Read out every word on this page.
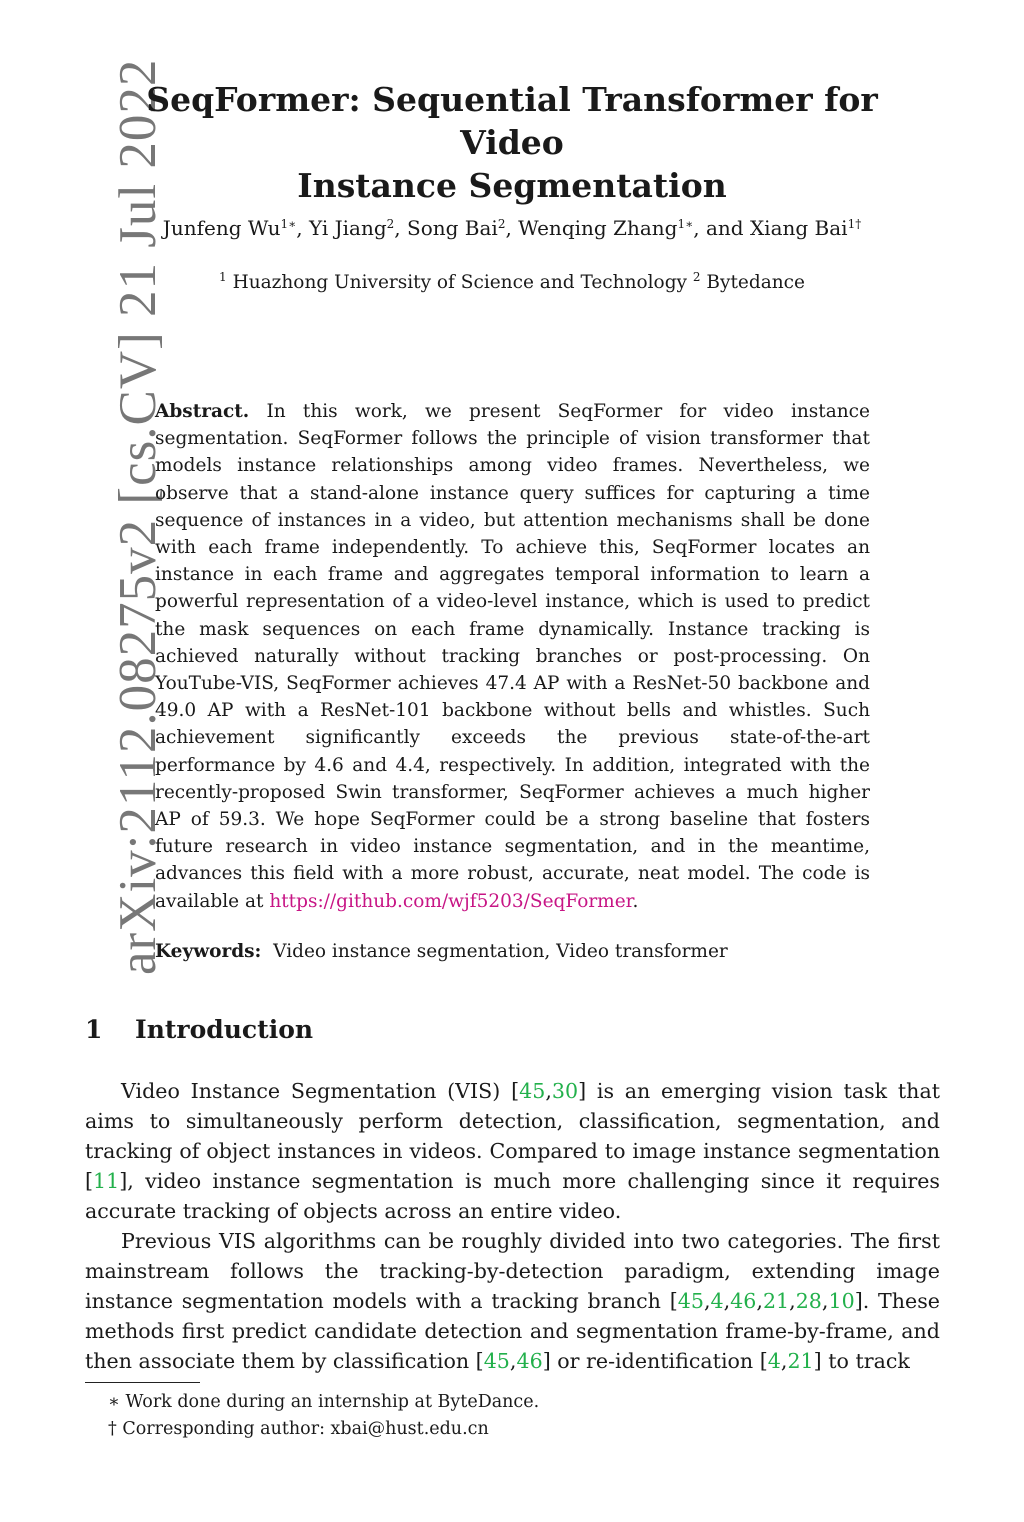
arXiv:2112.08275v2 [cs.CV] 21 Jul 2022
SeqFormer: Sequential Transformer for Video
Instance Segmentation

Junfeng $Wu^{1∗}$, Yi Jiang$^2$, Song Bai$^2$, Wenqing Zhang$^{1∗}$, and Xiang Bai$^{1\dagger}$

$^1$ Huazhong University of Science and Technology $^2$ Bytedance

Abstract. In this work, we present SeqFormer for video instance segmentation. SeqFormer follows the principle of vision transformer that models instance relationships among video frames. Nevertheless, we observe that a stand-alone instance query suffices for capturing a time sequence of instances in a video, but attention mechanisms shall be done with each frame independently. To achieve this, SeqFormer locates an instance in each frame and aggregates temporal information to learn a powerful representation of a video-level instance, which is used to predict the mask sequences on each frame dynamically. Instance tracking is achieved naturally without tracking branches or post-processing. On YouTube-VIS, SeqFormer achieves 47.4 AP with a ResNet-50 backbone and 49.0 AP with a ResNet-101 backbone without bells and whistles. Such achievement significantly exceeds the previous state-of-the-art performance by 4.6 and 4.4, respectively. In addition, integrated with the recently-proposed Swin transformer, SeqFormer achieves a much higher AP of 59.3. We hope SeqFormer could be a strong baseline that fosters future research in video instance segmentation, and in the meantime, advances this field with a more robust, accurate, neat model. The code is available at https://github.com/wjf5203/SeqFormer.

Keywords: Video instance segmentation, Video transformer

1 Introduction

Video Instance Segmentation (VIS) [45,30] is an emerging vision task that aims to simultaneously perform detection, classification, segmentation, and tracking of object instances in videos. Compared to image instance segmentation [11], video instance segmentation is much more challenging since it requires accurate tracking of objects across an entire video.

Previous VIS algorithms can be roughly divided into two categories. The first mainstream follows the tracking-by-detection paradigm, extending image instance segmentation models with a tracking branch [45,4,46,21,28,10]. These methods first predict candidate detection and segmentation frame-by-frame, and then associate them by classification [45,46] or re-identification [4,21] to track

∗ Work done during an internship at ByteDance.
† Corresponding author: xbai@hust.edu.cn
